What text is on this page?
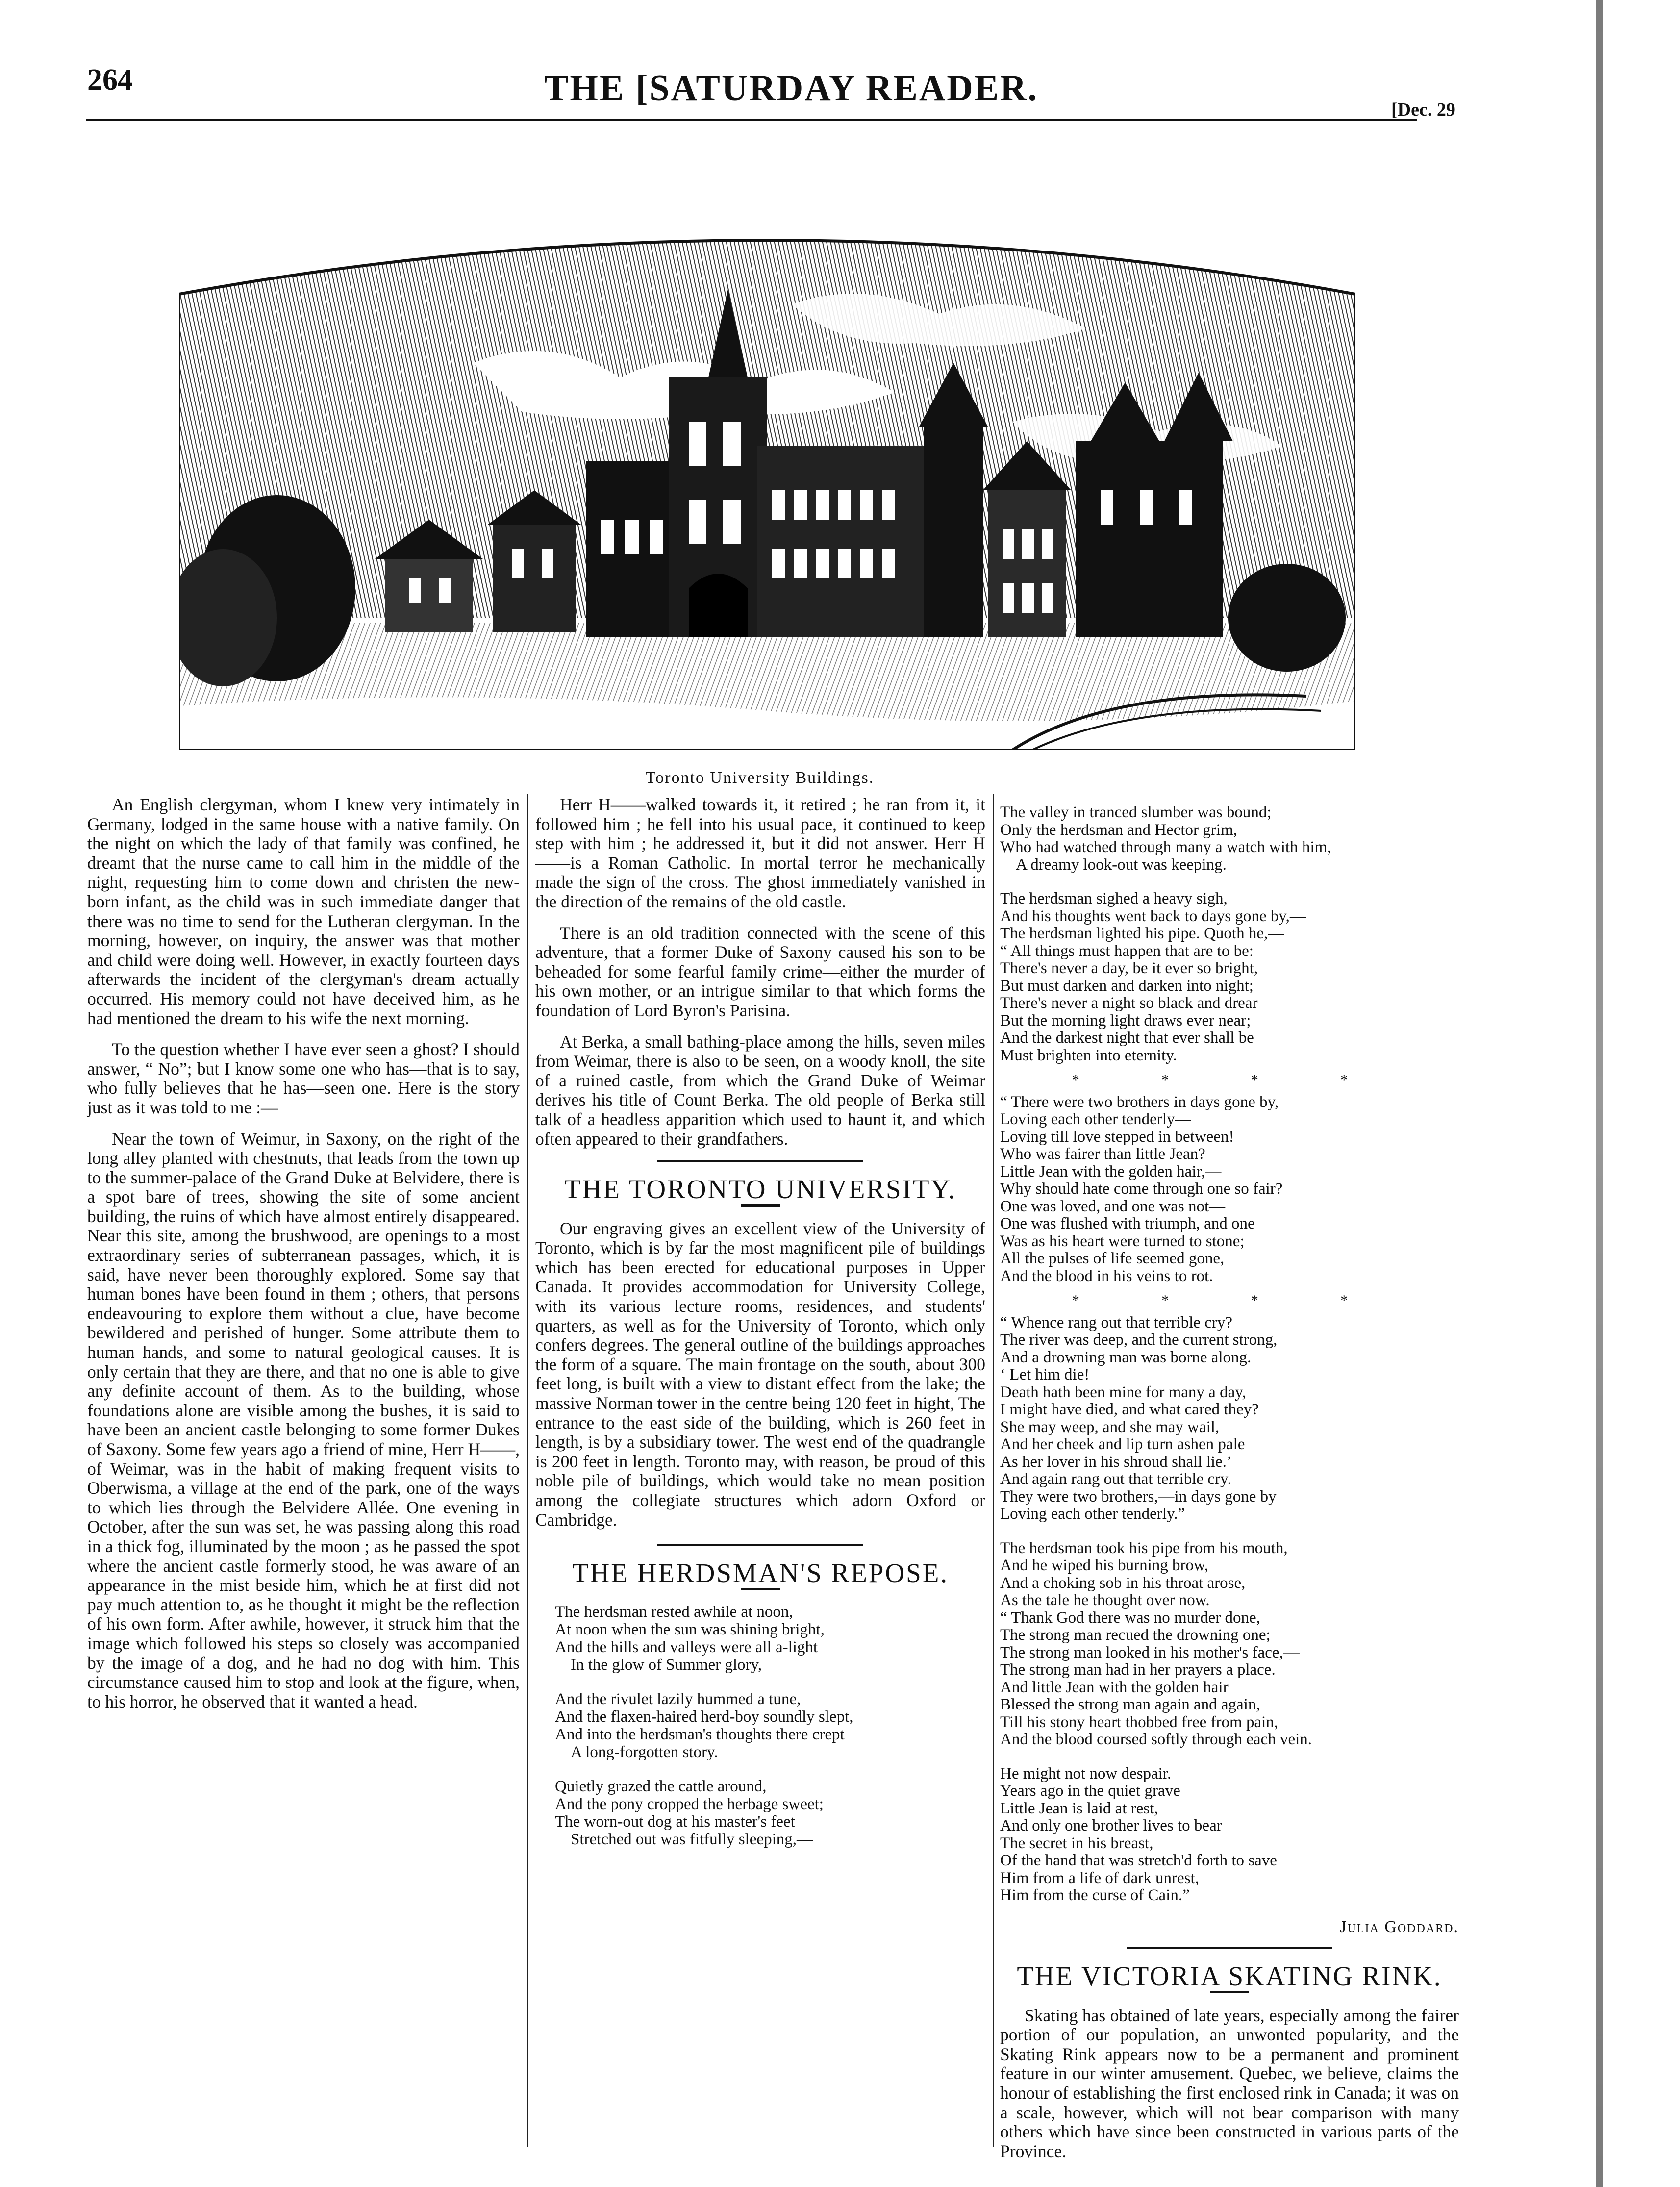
264	THE [SATURDAY READER.
[Dec. 29
Toronto University Buildings.

An English clergyman, whom I knew very intimately in Germany, lodged in the same house with a native family. On the night on which the lady of that family was confined, he dreamt that the nurse came to call him in the middle of the night, requesting him to come down and christen the new-born infant, as the child was in such immediate danger that there was no time to send for the Lutheran clergyman. In the morning, however, on inquiry, the answer was that mother and child were doing well. However, in exactly fourteen days afterwards the incident of the clergyman's dream actually occurred. His memory could not have deceived him, as he had mentioned the dream to his wife the next morning.

To the question whether I have ever seen a ghost? I should answer, “ No”; but I know some one who has—that is to say, who fully believes that he has—seen one. Here is the story just as it was told to me :—

Near the town of Weimur, in Saxony, on the right of the long alley planted with chestnuts, that leads from the town up to the summer-palace of the Grand Duke at Belvidere, there is a spot bare of trees, showing the site of some ancient building, the ruins of which have almost entirely disappeared. Near this site, among the brushwood, are openings to a most extraordinary series of subterranean passages, which, it is said, have never been thoroughly explored. Some say that human bones have been found in them ; others, that persons endeavouring to explore them without a clue, have become bewildered and perished of hunger. Some attribute them to human hands, and some to natural geological causes. It is only certain that they are there, and that no one is able to give any definite account of them. As to the building, whose foundations alone are visible among the bushes, it is said to have been an ancient castle belonging to some former Dukes of Saxony. Some few years ago a friend of mine, Herr H——, of Weimar, was in the habit of making frequent visits to Oberwisma, a village at the end of the park, one of the ways to which lies through the Belvidere Allée. One evening in October, after the sun was set, he was passing along this road in a thick fog, illuminated by the moon ; as he passed the spot where the ancient castle formerly stood, he was aware of an appearance in the mist beside him, which he at first did not pay much attention to, as he thought it might be the reflection of his own form. After awhile, however, it struck him that the image which followed his steps so closely was accompanied by the image of a dog, and he had no dog with him. This circumstance caused him to stop and look at the figure, when, to his horror, he observed that it wanted a head.

Herr H——walked towards it, it retired ; he ran from it, it followed him ; he fell into his usual pace, it continued to keep step with him ; he addressed it, but it did not answer. Herr H——is a Roman Catholic. In mortal terror he mechanically made the sign of the cross. The ghost immediately vanished in the direction of the remains of the old castle.

There is an old tradition connected with the scene of this adventure, that a former Duke of Saxony caused his son to be beheaded for some fearful family crime—either the murder of his own mother, or an intrigue similar to that which forms the foundation of Lord Byron's Parisina.

At Berka, a small bathing-place among the hills, seven miles from Weimar, there is also to be seen, on a woody knoll, the site of a ruined castle, from which the Grand Duke of Weimar derives his title of Count Berka. The old people of Berka still talk of a headless apparition which used to haunt it, and which often appeared to their grandfathers.

THE TORONTO UNIVERSITY.

Our engraving gives an excellent view of the University of Toronto, which is by far the most magnificent pile of buildings which has been erected for educational purposes in Upper Canada. It provides accommodation for University College, with its various lecture rooms, residences, and students' quarters, as well as for the University of Toronto, which only confers degrees. The general outline of the buildings approaches the form of a square. The main frontage on the south, about 300 feet long, is built with a view to distant effect from the lake; the massive Norman tower in the centre being 120 feet in hight, The entrance to the east side of the building, which is 260 feet in length, is by a subsidiary tower. The west end of the quadrangle is 200 feet in length. Toronto may, with reason, be proud of this noble pile of buildings, which would take no mean position among the collegiate structures which adorn Oxford or Cambridge.

THE HERDSMAN'S REPOSE.
The herdsman rested awhile at noon,
At noon when the sun was shining bright,
And the hills and valleys were all a-light
In the glow of Summer glory,
And the rivulet lazily hummed a tune,
And the flaxen-haired herd-boy soundly slept,
And into the herdsman's thoughts there crept
A long-forgotten story.
Quietly grazed the cattle around,
And the pony cropped the herbage sweet;
The worn-out dog at his master's feet
Stretched out was fitfully sleeping,—
The valley in tranced slumber was bound;
Only the herdsman and Hector grim,
Who had watched through many a watch with him,
A dreamy look-out was keeping.
The herdsman sighed a heavy sigh,
And his thoughts went back to days gone by,—
The herdsman lighted his pipe. Quoth he,—
“ All things must happen that are to be:
There's never a day, be it ever so bright,
But must darken and darken into night;
There's never a night so black and drear
But the morning light draws ever near;
And the darkest night that ever shall be
Must brighten into eternity.
* * * *
“ There were two brothers in days gone by,
Loving each other tenderly—
Loving till love stepped in between!
Who was fairer than little Jean?
Little Jean with the golden hair,—
Why should hate come through one so fair?
One was loved, and one was not—
One was flushed with triumph, and one
Was as his heart were turned to stone;
All the pulses of life seemed gone,
And the blood in his veins to rot.
* * * *
“ Whence rang out that terrible cry?
The river was deep, and the current strong,
And a drowning man was borne along.
‘ Let him die!
Death hath been mine for many a day,
I might have died, and what cared they?
She may weep, and she may wail,
And her cheek and lip turn ashen pale
As her lover in his shroud shall lie.’
And again rang out that terrible cry.
They were two brothers,—in days gone by
Loving each other tenderly.”
The herdsman took his pipe from his mouth,
And he wiped his burning brow,
And a choking sob in his throat arose,
As the tale he thought over now.
“ Thank God there was no murder done,
The strong man recued the drowning one;
The strong man looked in his mother's face,—
The strong man had in her prayers a place.
And little Jean with the golden hair
Blessed the strong man again and again,
Till his stony heart thobbed free from pain,
And the blood coursed softly through each vein.
He might not now despair.
Years ago in the quiet grave
Little Jean is laid at rest,
And only one brother lives to bear
The secret in his breast,
Of the hand that was stretch'd forth to save
Him from a life of dark unrest,
Him from the curse of Cain.”
Julia Goddard.
THE VICTORIA SKATING RINK.

Skating has obtained of late years, especially among the fairer portion of our population, an unwonted popularity, and the Skating Rink appears now to be a permanent and prominent feature in our winter amusement. Quebec, we believe, claims the honour of establishing the first enclosed rink in Canada; it was on a scale, however, which will not bear comparison with many others which have since been constructed in various parts of the Province.
